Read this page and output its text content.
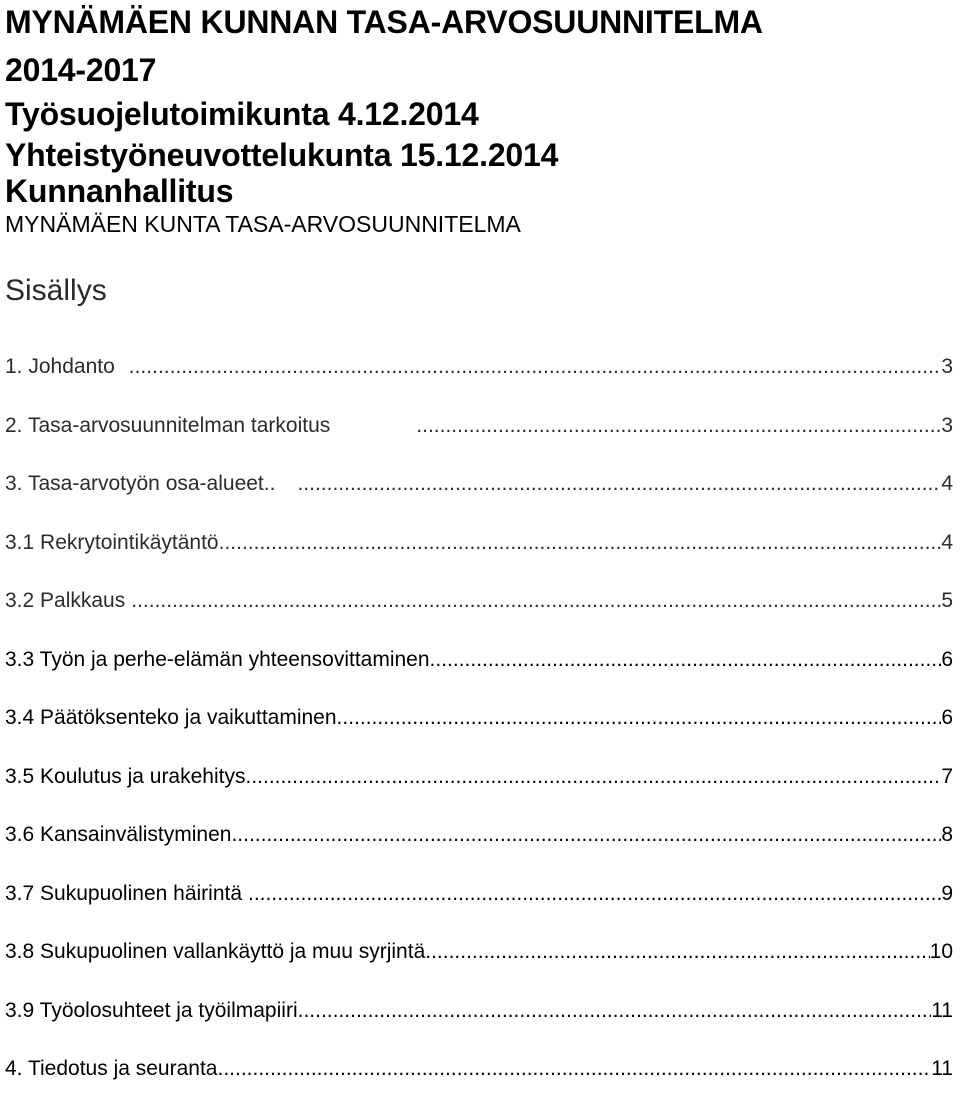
MYNÄMÄEN KUNNAN TASA-ARVOSUUNNITELMA
2014-2017
Työsuojelutoimikunta 4.12.2014
Yhteistyöneuvottelukunta 15.12.2014
Kunnanhallitus
MYNÄMÄEN KUNTA TASA-ARVOSUUNNITELMA
Sisällys
1. Johdanto .....	3
2. Tasa-arvosuunnitelman tarkoitus .....	3
3. Tasa-arvotyön osa-alueet.. .....	4
3.1 Rekrytointikäytäntö .....	4
3.2 Palkkaus .....	5
3.3 Työn ja perhe-elämän yhteensovittaminen .....	6
3.4 Päätöksenteko ja vaikuttaminen .....	6
3.5 Koulutus ja urakehitys .....	7
3.6 Kansainvälistyminen .....	8
3.7 Sukupuolinen häirintä .....	9
3.8 Sukupuolinen vallankäyttö ja muu syrjintä .....	10
3.9 Työolosuhteet ja työilmapiiri .....	11
4. Tiedotus ja seuranta .....	11
